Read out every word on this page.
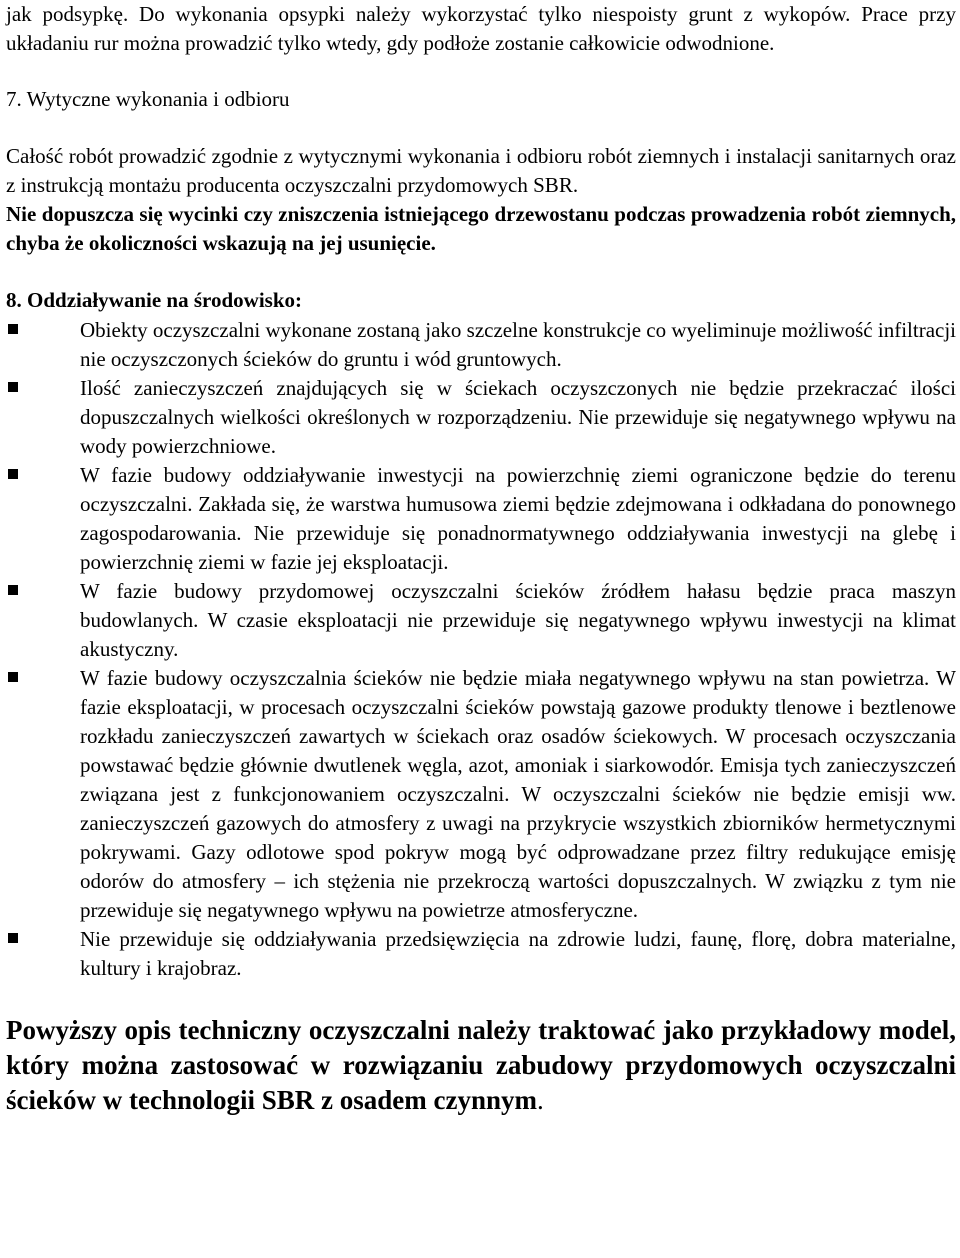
jak podsypkę. Do wykonania opsypki należy wykorzystać tylko niespoisty grunt z wykopów. Prace przy układaniu rur można prowadzić tylko wtedy, gdy podłoże zostanie całkowicie odwodnione.

7. Wytyczne wykonania i odbioru

Całość robót prowadzić zgodnie z wytycznymi wykonania i odbioru robót ziemnych i instalacji sanitarnych oraz z instrukcją montażu producenta oczyszczalni przydomowych SBR.

Nie dopuszcza się wycinki czy zniszczenia istniejącego drzewostanu podczas prowadzenia robót ziemnych, chyba że okoliczności wskazują na jej usunięcie.

8. Oddziaływanie na środowisko:

Obiekty oczyszczalni wykonane zostaną jako szczelne konstrukcje co wyeliminuje możliwość infiltracji nie oczyszczonych ścieków do gruntu i wód gruntowych.
Ilość zanieczyszczeń znajdujących się w ściekach oczyszczonych nie będzie przekraczać ilości dopuszczalnych wielkości określonych w rozporządzeniu. Nie przewiduje się negatywnego wpływu na wody powierzchniowe.
W fazie budowy oddziaływanie inwestycji na powierzchnię ziemi ograniczone będzie do terenu oczyszczalni. Zakłada się, że warstwa humusowa ziemi będzie zdejmowana i odkładana do ponownego zagospodarowania. Nie przewiduje się ponadnormatywnego oddziaływania inwestycji na glebę i powierzchnię ziemi w fazie jej eksploatacji.
W fazie budowy przydomowej oczyszczalni ścieków źródłem hałasu będzie praca maszyn budowlanych. W czasie eksploatacji nie przewiduje się negatywnego wpływu inwestycji na klimat akustyczny.
W fazie budowy oczyszczalnia ścieków nie będzie miała negatywnego wpływu na stan powietrza. W fazie eksploatacji, w procesach oczyszczalni ścieków powstają gazowe produkty tlenowe i beztlenowe rozkładu zanieczyszczeń zawartych w ściekach oraz osadów ściekowych. W procesach oczyszczania powstawać będzie głównie dwutlenek węgla, azot, amoniak i siarkowodór. Emisja tych zanieczyszczeń związana jest z funkcjonowaniem oczyszczalni. W oczyszczalni ścieków nie będzie emisji ww. zanieczyszczeń gazowych do atmosfery z uwagi na przykrycie wszystkich zbiorników hermetycznymi pokrywami. Gazy odlotowe spod pokryw mogą być odprowadzane przez filtry redukujące emisję odorów do atmosfery – ich stężenia nie przekroczą wartości dopuszczalnych. W związku z tym nie przewiduje się negatywnego wpływu na powietrze atmosferyczne.
Nie przewiduje się oddziaływania przedsięwzięcia na zdrowie ludzi, faunę, florę, dobra materialne, kultury i krajobraz.

Powyższy opis techniczny oczyszczalni należy traktować jako przykładowy model, który można zastosować w rozwiązaniu zabudowy przydomowych oczyszczalni ścieków w technologii SBR z osadem czynnym.
